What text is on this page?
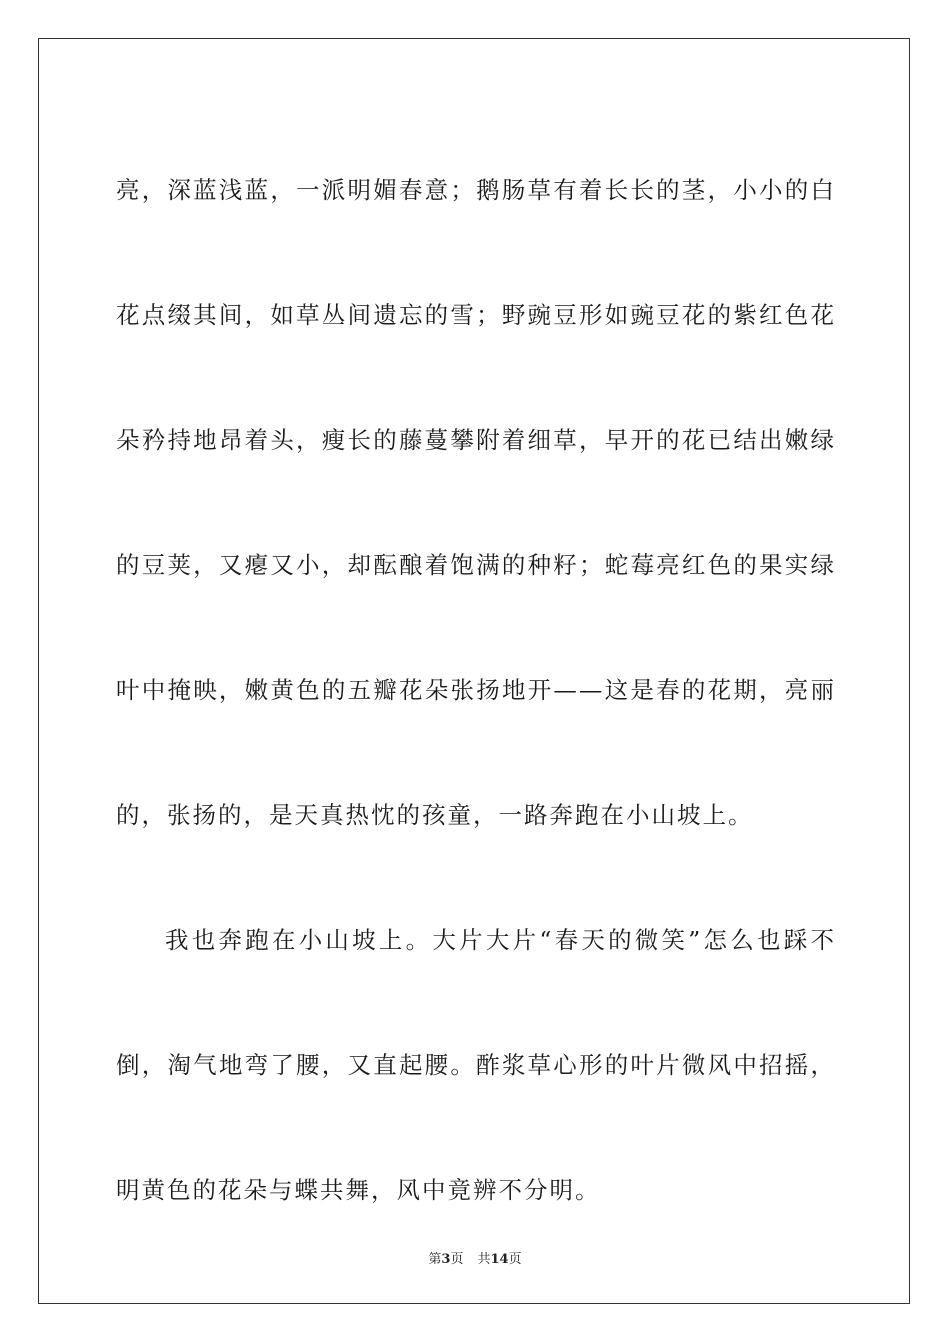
亮，深蓝浅蓝，一派明媚春意；鹅肠草有着长长的茎，小小的白花点缀其间，如草丛间遗忘的雪；野豌豆形如豌豆花的紫红色花朵矜持地昂着头，瘦长的藤蔓攀附着细草，早开的花已结出嫩绿的豆荚，又瘪又小，却酝酿着饱满的种籽；蛇莓亮红色的果实绿叶中掩映，嫩黄色的五瓣花朵张扬地开——这是春的花期，亮丽的，张扬的，是天真热忱的孩童，一路奔跑在小山坡上。

我也奔跑在小山坡上。大片大片“春天的微笑”怎么也踩不倒，淘气地弯了腰，又直起腰。酢浆草心形的叶片微风中招摇，明黄色的花朵与蝶共舞，风中竟辨不分明。

第3页 共14页
